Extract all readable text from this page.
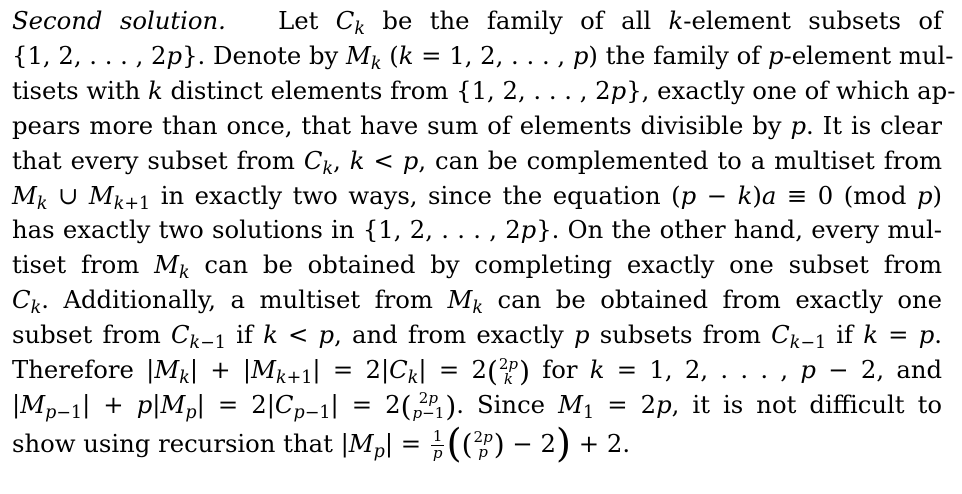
Second solution.   Let $C_k$ be the family of all k-element subsets of
{1, 2, . . . , 2p}. Denote by $M_k$ (k = 1, 2, . . . , p) the family of p-element mul-
tisets with k distinct elements from {1, 2, . . . , 2p}, exactly one of which ap-
pears more than once, that have sum of elements divisible by p. It is clear
that every subset from $C_k$, k < p, can be complemented to a multiset from
$M_k$ ∪ $M_{k+1}$ in exactly two ways, since the equation (p − k)a ≡ 0 (mod p)
has exactly two solutions in {1, 2, . . . , 2p}. On the other hand, every mul-
tiset from $M_k$ can be obtained by completing exactly one subset from
$C_k$. Additionally, a multiset from $M_k$ can be obtained from exactly one
subset from $C_{k-1}$ if k < p, and from exactly p subsets from $C_{k-1}$ if k = p.
Therefore $|M_k| + |M_{k+1}| = 2|C_k| = 2$ ( 2p
k ) for k = 1, 2, . . . , p − 2, and
$|M_{p-1}| + p|M_p| = 2|C_{p-1}| = 2$ ( 2p
p−1 ) . Since $M_1 = 2p$, it is not difficult to
show using recursion that $|M_p| = \frac{1}{p}$ ( ( 2p
p ) − 2) + 2.
